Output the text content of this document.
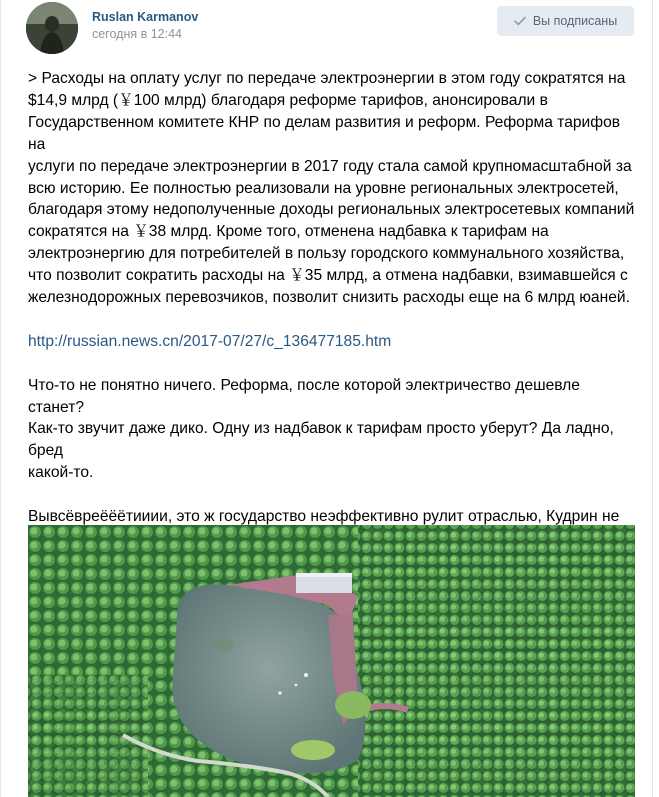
Ruslan Karmanov
сегодня в 12:44
Вы подписаны

> Расходы на оплату услуг по передаче электроэнергии в этом году сократятся на
$14,9 млрд (￥100 млрд) благодаря реформе тарифов, анонсировали в
Государственном комитете КНР по делам развития и реформ. Реформа тарифов на
услуги по передаче электроэнергии в 2017 году стала самой крупномасштабной за
всю историю. Ее полностью реализовали на уровне региональных электросетей,
благодаря этому недополученные доходы региональных электросетевых компаний
сократятся на ￥38 млрд. Кроме того, отменена надбавка к тарифам на
электроэнергию для потребителей в пользу городского коммунального хозяйства,
что позволит сократить расходы на ￥35 млрд, а отмена надбавки, взимавшейся с
железнодорожных перевозчиков, позволит снизить расходы еще на 6 млрд юаней.

http://russian.news.cn/2017-07/27/c_136477185.htm

Что-то не понятно ничего. Реформа, после которой электричество дешевле станет?
Как-то звучит даже дико. Одну из надбавок к тарифам просто уберут? Да ладно, бред
какой-то.

Вывсёвреёёётииии, это ж государство неэффективно рулит отраслью, Кудрин не
